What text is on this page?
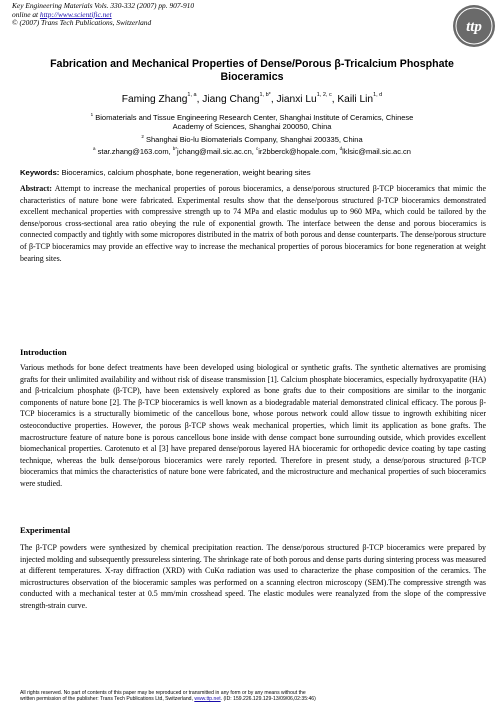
Key Engineering Materials Vols. 330-332 (2007) pp. 907-910
online at http://www.scientific.net
© (2007) Trans Tech Publications, Switzerland	ttp
Fabrication and Mechanical Properties of Dense/Porous β-Tricalcium Phosphate Bioceramics
Faming Zhang$^{1, a}$, Jiang Chang$^{1, b*}$, Jianxi Lu$^{1, 2, c}$, Kaili Lin$^{1, d}$
$^1$ Biomaterials and Tissue Engineering Research Center, Shanghai Institute of Ceramics, Chinese
Academy of Sciences, Shanghai 200050, China
$^2$ Shanghai Bio-lu Biomaterials Company, Shanghai 200335, China
$^a$ star.zhang@163.com, $^{b*}$jchang@mail.sic.ac.cn, $^c$ir2bberck@hopale.com, $^d$lklsic@mail.sic.ac.cn
Keywords: Bioceramics, calcium phosphate, bone regeneration, weight bearing sites
Abstract: Attempt to increase the mechanical properties of porous bioceramics, a dense/porous structured β-TCP bioceramics that mimic the characteristics of nature bone were fabricated. Experimental results show that the dense/porous structured β-TCP bioceramics demonstrated excellent mechanical properties with compressive strength up to 74 MPa and elastic modulus up to 960 MPa, which could be tailored by the dense/porous cross-sectional area ratio obeying the rule of exponential growth. The interface between the dense and porous bioceramics is connected compactly and tightly with some micropores distributed in the matrix of both porous and dense counterparts. The dense/porous structure of β-TCP bioceramics may provide an effective way to increase the mechanical properties of porous bioceramics for bone regeneration at weight bearing sites.
Introduction
Various methods for bone defect treatments have been developed using biological or synthetic grafts. The synthetic alternatives are promising grafts for their unlimited availability and without risk of disease transmission [1]. Calcium phosphate bioceramics, especially hydroxyapatite (HA) and β-tricalcium phosphate (β-TCP), have been extensively explored as bone grafts due to their compositions are similar to the inorganic components of nature bone [2]. The β-TCP bioceramics is well known as a biodegradable material demonstrated clinical efficacy. The porous β-TCP bioceramics is a structurally biomimetic of the cancellous bone, whose porous network could allow tissue to ingrowth exhibiting nicer osteoconductive properties. However, the porous β-TCP shows weak mechanical properties, which limit its application as bone grafts. The macrostructure feature of nature bone is porous cancellous bone inside with dense compact bone surrounding outside, which provides excellent biomechanical properties. Carotenuto et al [3] have prepared dense/porous layered HA bioceramic for orthopedic device coating by tape casting technique, whereas the bulk dense/porous bioceramics were rarely reported. Therefore in present study, a dense/porous structured β-TCP bioceramics that mimics the characteristics of nature bone were fabricated, and the microstructure and mechanical properties of such bioceramics were studied.
Experimental
The β-TCP powders were synthesized by chemical precipitation reaction. The dense/porous structured β-TCP bioceramics were prepared by injected molding and subsequently pressureless sintering. The shrinkage rate of both porous and dense parts during sintering process was measured at different temperatures. X-ray diffraction (XRD) with CuKα radiation was used to characterize the phase composition of the ceramics. The microstructures observation of the bioceramic samples was performed on a scanning electron microscopy (SEM).The compressive strength was conducted with a mechanical tester at 0.5 mm/min crosshead speed. The elastic modules were reanalyzed from the slope of the compressive strength-strain curve.
All rights reserved. No part of contents of this paper may be reproduced or transmitted in any form or by any means without the
written permission of the publisher: Trans Tech Publications Ltd, Switzerland, www.ttp.net. (ID: 159.226.129.129-13/09/06,02:35:46)
